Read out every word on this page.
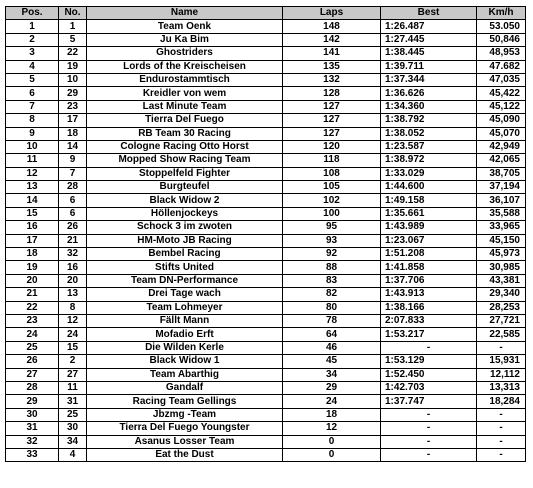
Pos.	No.	Name	Laps	Best	Km/h
1	1	Team Oenk	148	1:26.487	53.050
2	5	Ju Ka Bim	142	1:27.445	50,846
3	22	Ghostriders	141	1:38.445	48,953
4	19	Lords of the Kreischeisen	135	1:39.711	47.682
5	10	Endurostammtisch	132	1:37.344	47,035
6	29	Kreidler von wem	128	1:36.626	45,422
7	23	Last Minute Team	127	1:34.360	45,122
8	17	Tierra Del Fuego	127	1:38.792	45,090
9	18	RB Team 30 Racing	127	1:38.052	45,070
10	14	Cologne Racing Otto Horst	120	1:23.587	42,949
11	9	Mopped Show Racing Team	118	1:38.972	42,065
12	7	Stoppelfeld Fighter	108	1:33.029	38,705
13	28	Burgteufel	105	1:44.600	37,194
14	6	Black Widow 2	102	1:49.158	36,107
15	6	Höllenjockeys	100	1:35.661	35,588
16	26	Schock 3 im zwoten	95	1:43.989	33,965
17	21	HM-Moto JB Racing	93	1:23.067	45,150
18	32	Bembel Racing	92	1:51.208	45,973
19	16	Stifts United	88	1:41.858	30,985
20	20	Team DN-Performance	83	1:37.706	43,381
21	13	Drei Tage wach	82	1:43.913	29,340
22	8	Team Lohmeyer	80	1:38.166	28,253
23	12	Fällt Mann	78	2:07.833	27,721
24	24	Mofadio Erft	64	1:53.217	22,585
25	15	Die Wilden Kerle	46	-	-
26	2	Black Widow 1	45	1:53.129	15,931
27	27	Team Abarthig	34	1:52.450	12,112
28	11	Gandalf	29	1:42.703	13,313
29	31	Racing Team Gellings	24	1:37.747	18,284
30	25	Jbzmg -Team	18	-	-
31	30	Tierra Del Fuego Youngster	12	-	-
32	34	Asanus Losser Team	0	-	-
33	4	Eat the Dust	0	-	-
